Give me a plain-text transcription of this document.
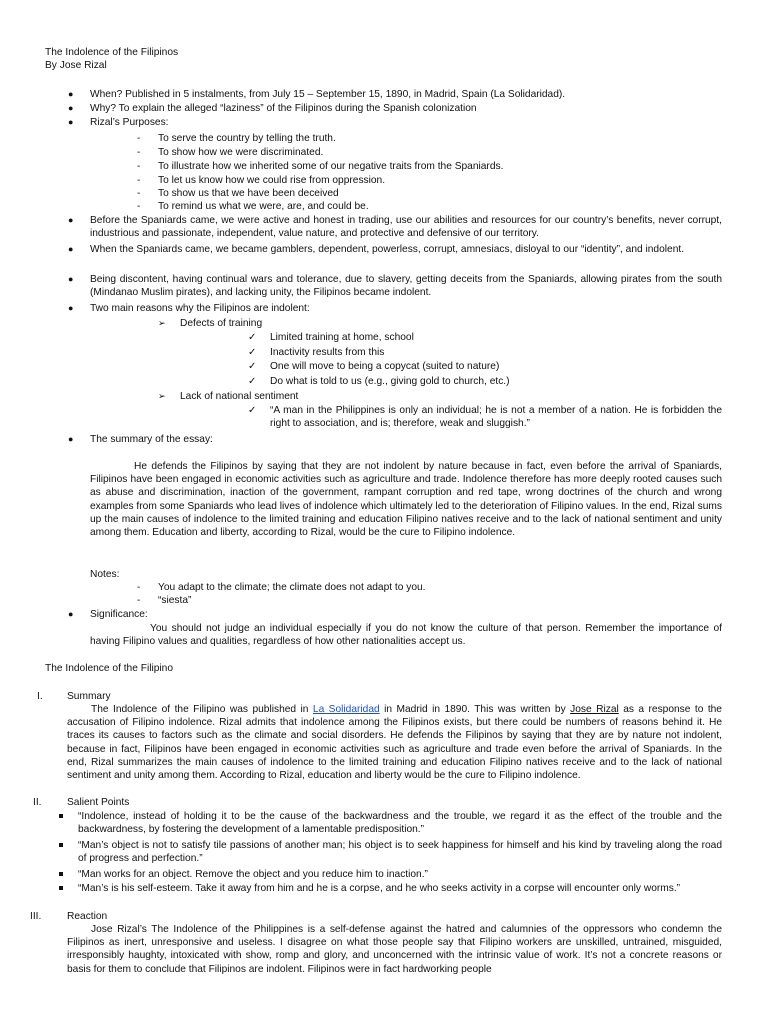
The Indolence of the Filipinos
By Jose Rizal
● When? Published in 5 instalments, from July 15 – September 15, 1890, in Madrid, Spain (La Solidaridad).
● Why? To explain the alleged “laziness” of the Filipinos during the Spanish colonization
● Rizal’s Purposes:
- To serve the country by telling the truth.
- To show how we were discriminated.
- To illustrate how we inherited some of our negative traits from the Spaniards.
- To let us know how we could rise from oppression.
- To show us that we have been deceived
- To remind us what we were, are, and could be.
● Before the Spaniards came, we were active and honest in trading, use our abilities and resources for our country’s benefits, never corrupt, industrious and passionate, independent, value nature, and protective and defensive of our territory.
● When the Spaniards came, we became gamblers, dependent, powerless, corrupt, amnesiacs, disloyal to our “identity”, and indolent.
● Being discontent, having continual wars and tolerance, due to slavery, getting deceits from the Spaniards, allowing pirates from the south (Mindanao Muslim pirates), and lacking unity, the Filipinos became indolent.
● Two main reasons why the Filipinos are indolent:
➢ Defects of training
✓ Limited training at home, school
✓ Inactivity results from this
✓ One will move to being a copycat (suited to nature)
✓ Do what is told to us (e.g., giving gold to church, etc.)
➢ Lack of national sentiment
✓ “A man in the Philippines is only an individual; he is not a member of a nation. He is forbidden the right to association, and is; therefore, weak and sluggish.”
● The summary of the essay:
He defends the Filipinos by saying that they are not indolent by nature because in fact, even before the arrival of Spaniards, Filipinos have been engaged in economic activities such as agriculture and trade. Indolence therefore has more deeply rooted causes such as abuse and discrimination, inaction of the government, rampant corruption and red tape, wrong doctrines of the church and wrong examples from some Spaniards who lead lives of indolence which ultimately led to the deterioration of Filipino values. In the end, Rizal sums up the main causes of indolence to the limited training and education Filipino natives receive and to the lack of national sentiment and unity among them. Education and liberty, according to Rizal, would be the cure to Filipino indolence.
Notes:
- You adapt to the climate; the climate does not adapt to you.
- “siesta”
● Significance:
You should not judge an individual especially if you do not know the culture of that person. Remember the importance of having Filipino values and qualities, regardless of how other nationalities accept us.
The Indolence of the Filipino
I. Summary
The Indolence of the Filipino was published in La Solidaridad in Madrid in 1890. This was written by Jose Rizal as a response to the accusation of Filipino indolence. Rizal admits that indolence among the Filipinos exists, but there could be numbers of reasons behind it. He traces its causes to factors such as the climate and social disorders. He defends the Filipinos by saying that they are by nature not indolent, because in fact, Filipinos have been engaged in economic activities such as agriculture and trade even before the arrival of Spaniards. In the end, Rizal summarizes the main causes of indolence to the limited training and education Filipino natives receive and to the lack of national sentiment and unity among them. According to Rizal, education and liberty would be the cure to Filipino indolence.
II.	Salient Points
“Indolence, instead of holding it to be the cause of the backwardness and the trouble, we regard it as the effect of the trouble and the backwardness, by fostering the development of a lamentable predisposition.”
“Man’s object is not to satisfy tile passions of another man; his object is to seek happiness for himself and his kind by traveling along the road of progress and perfection.”
“Man works for an object. Remove the object and you reduce him to inaction.”
“Man’s is his self-esteem. Take it away from him and he is a corpse, and he who seeks activity in a corpse will encounter only worms.”
III.	Reaction
Jose Rizal’s The Indolence of the Philippines is a self-defense against the hatred and calumnies of the oppressors who condemn the Filipinos as inert, unresponsive and useless. I disagree on what those people say that Filipino workers are unskilled, untrained, misguided, irresponsibly haughty, intoxicated with show, romp and glory, and unconcerned with the intrinsic value of work. It’s not a concrete reasons or basis for them to conclude that Filipinos are indolent. Filipinos were in fact hardworking people
